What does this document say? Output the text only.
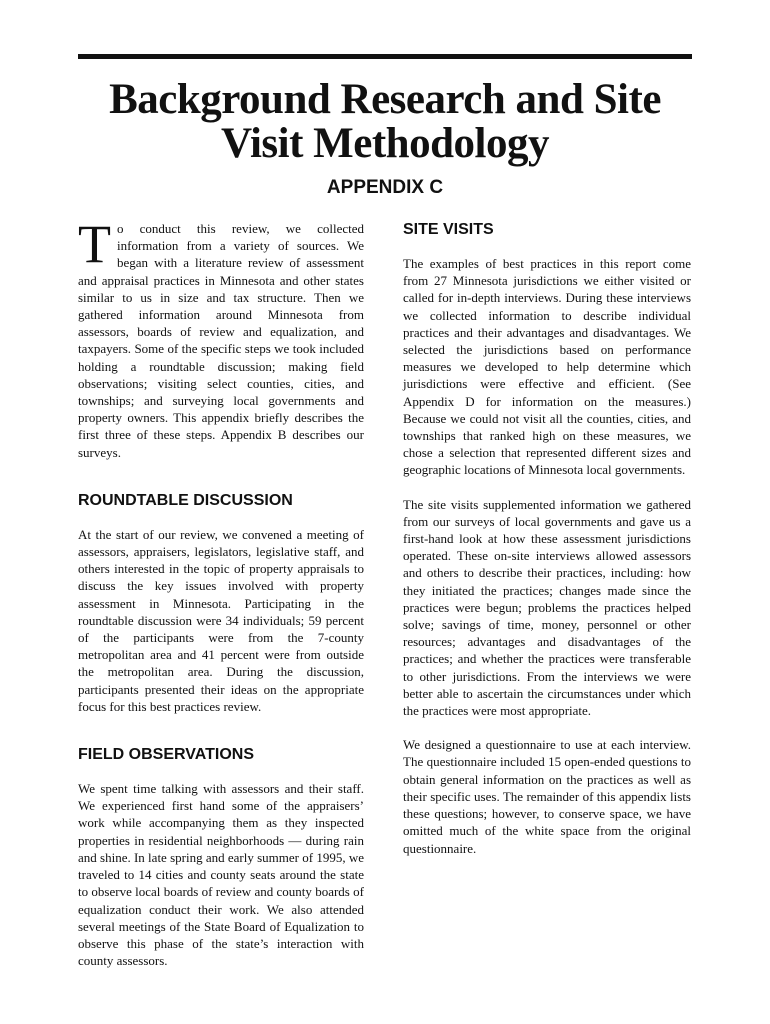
Background Research and Site
Visit Methodology
APPENDIX C

To conduct this review, we collected information from a variety of sources. We began with a literature review of assessment and appraisal practices in Minnesota and other states similar to us in size and tax structure. Then we gathered information around Minnesota from assessors, boards of review and equalization, and taxpayers. Some of the specific steps we took included holding a roundtable discussion; making field observations; visiting select counties, cities, and townships; and surveying local governments and property owners. This appendix briefly describes the first three of these steps. Appendix B describes our surveys.

ROUNDTABLE DISCUSSION

At the start of our review, we convened a meeting of assessors, appraisers, legislators, legislative staff, and others interested in the topic of property appraisals to discuss the key issues involved with property assessment in Minnesota. Participating in the roundtable discussion were 34 individuals; 59 percent of the participants were from the 7-county metropolitan area and 41 percent were from outside the metropolitan area. During the discussion, participants presented their ideas on the appropriate focus for this best practices review.

FIELD OBSERVATIONS

We spent time talking with assessors and their staff. We experienced first hand some of the appraisers’ work while accompanying them as they inspected properties in residential neighborhoods — during rain and shine. In late spring and early summer of 1995, we traveled to 14 cities and county seats around the state to observe local boards of review and county boards of equalization conduct their work. We also attended several meetings of the State Board of Equalization to observe this phase of the state’s interaction with county assessors.

SITE VISITS

The examples of best practices in this report come from 27 Minnesota jurisdictions we either visited or called for in-depth interviews. During these interviews we collected information to describe individual practices and their advantages and disadvantages. We selected the jurisdictions based on performance measures we developed to help determine which jurisdictions were effective and efficient. (See Appendix D for information on the measures.) Because we could not visit all the counties, cities, and townships that ranked high on these measures, we chose a selection that represented different sizes and geographic locations of Minnesota local governments.

The site visits supplemented information we gathered from our surveys of local governments and gave us a first-hand look at how these assessment jurisdictions operated. These on-site interviews allowed assessors and others to describe their practices, including: how they initiated the practices; changes made since the practices were begun; problems the practices helped solve; savings of time, money, personnel or other resources; advantages and disadvantages of the practices; and whether the practices were transferable to other jurisdictions. From the interviews we were better able to ascertain the circumstances under which the practices were most appropriate.

We designed a questionnaire to use at each interview. The questionnaire included 15 open-ended questions to obtain general information on the practices as well as their specific uses. The remainder of this appendix lists these questions; however, to conserve space, we have omitted much of the white space from the original questionnaire.
